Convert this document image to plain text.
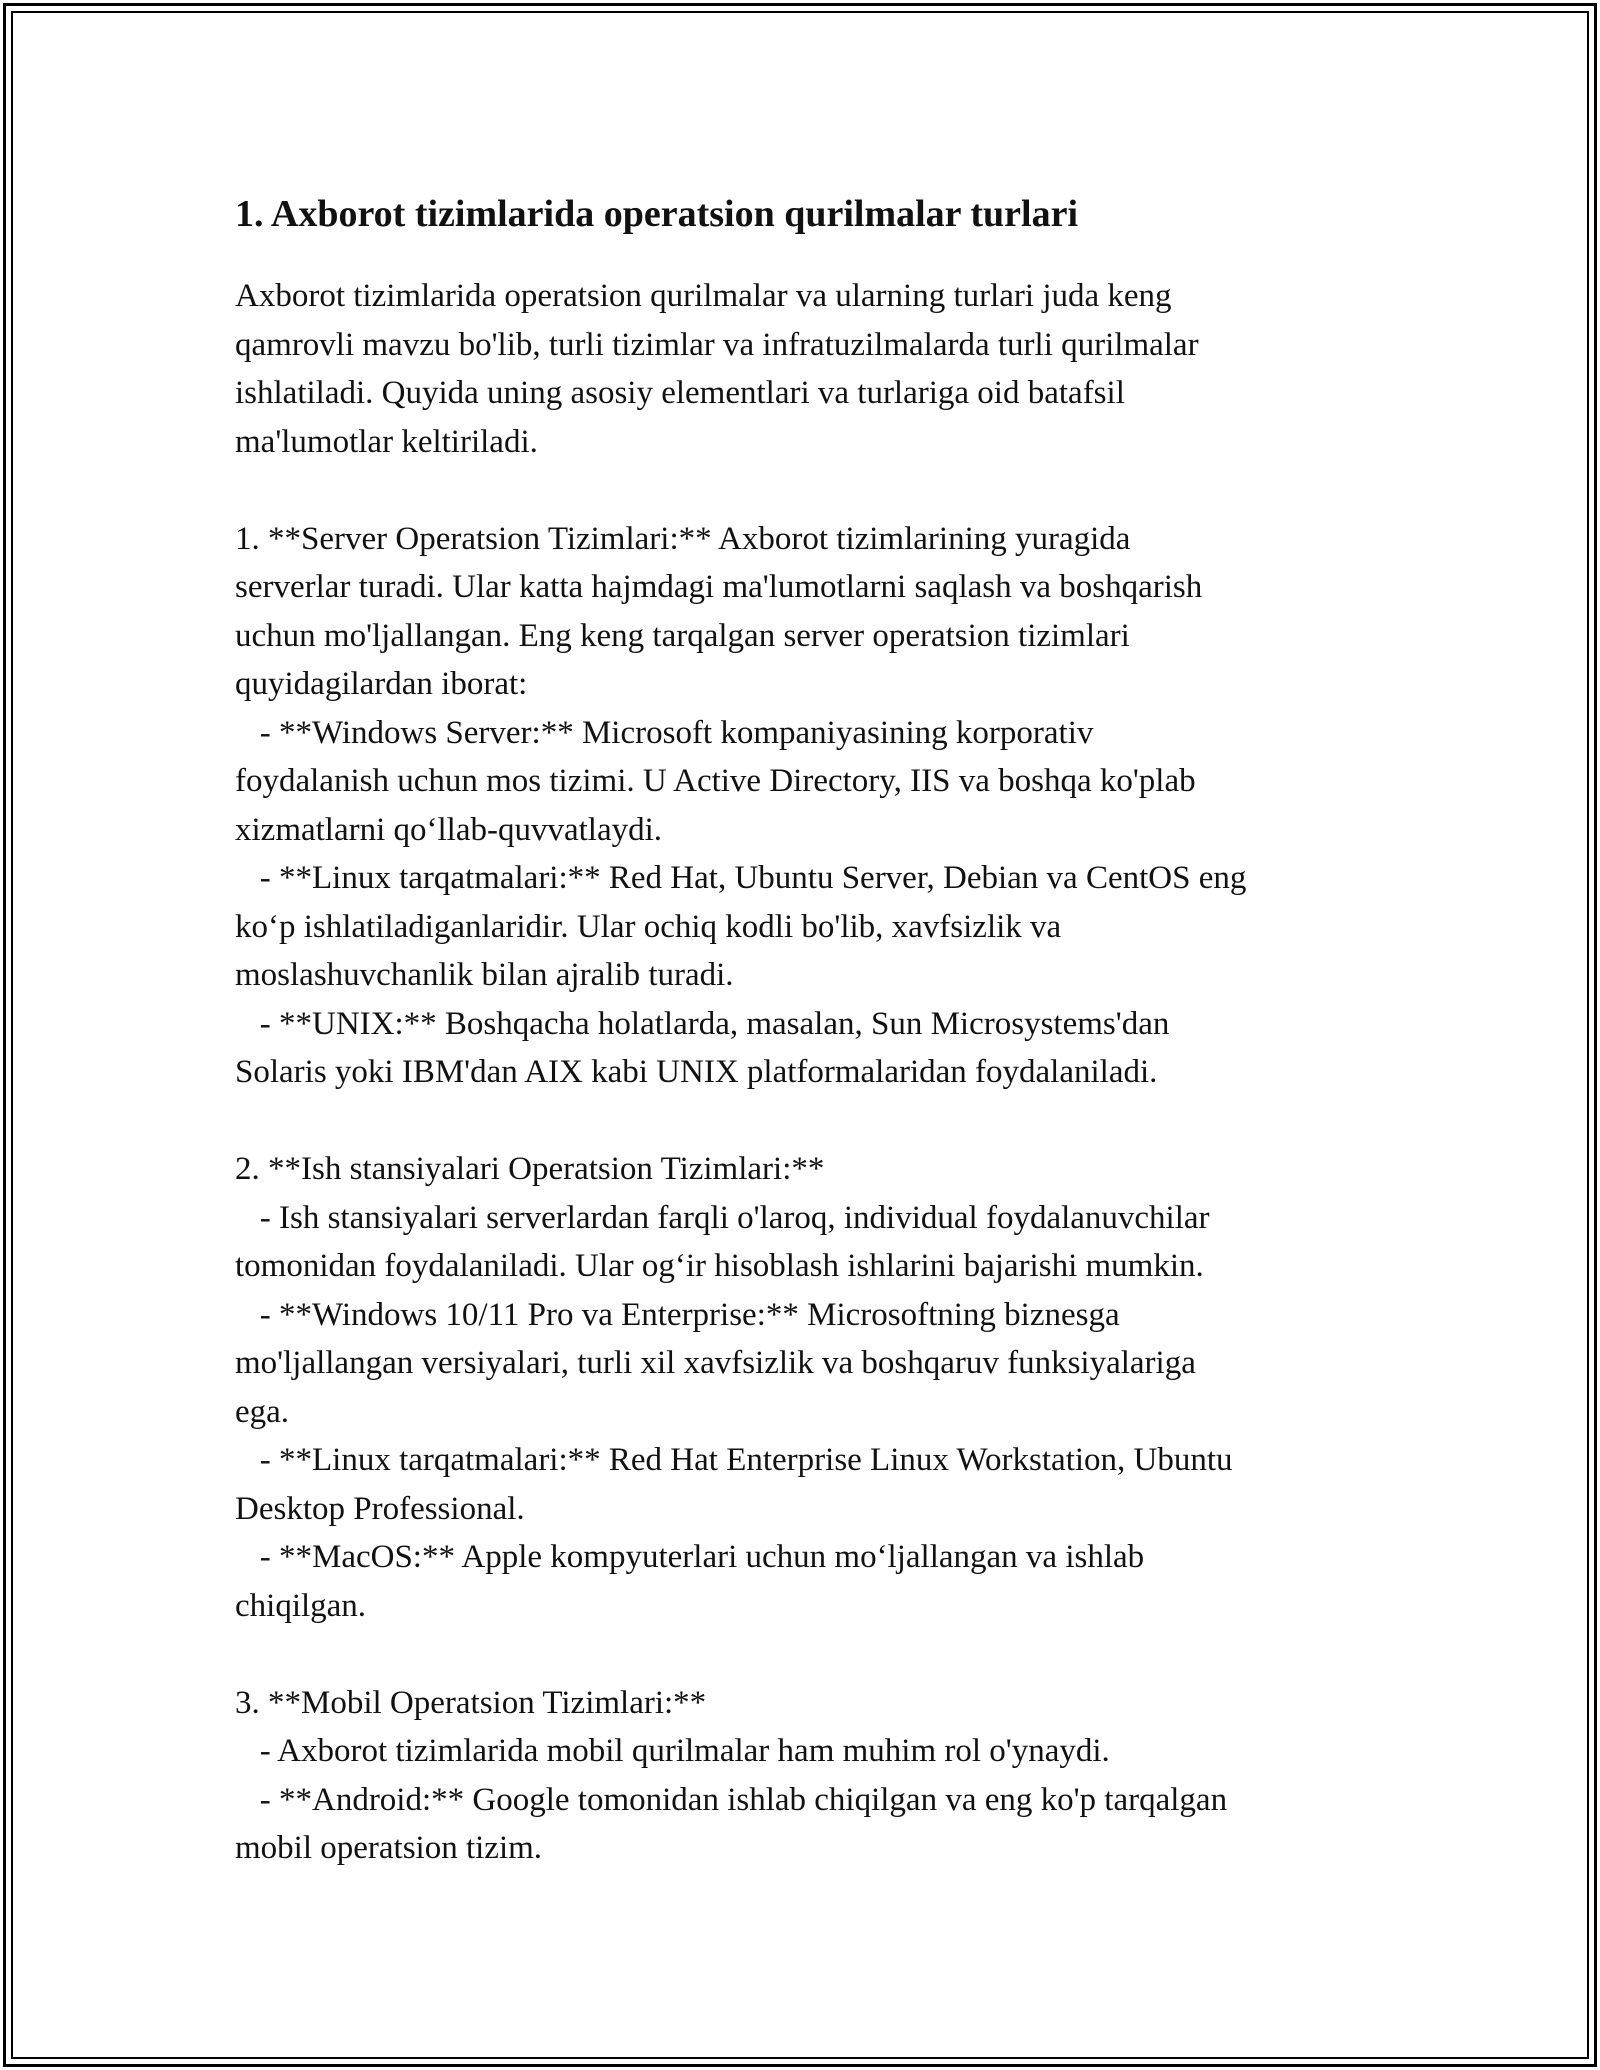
1. Axborot tizimlarida operatsion qurilmalar turlari
Axborot tizimlarida operatsion qurilmalar va ularning turlari juda keng
qamrovli mavzu bo'lib, turli tizimlar va infratuzilmalarda turli qurilmalar
ishlatiladi. Quyida uning asosiy elementlari va turlariga oid batafsil
ma'lumotlar keltiriladi.
1. **Server Operatsion Tizimlari:** Axborot tizimlarining yuragida
serverlar turadi. Ular katta hajmdagi ma'lumotlarni saqlash va boshqarish
uchun mo'ljallangan. Eng keng tarqalgan server operatsion tizimlari
quyidagilardan iborat:
- **Windows Server:** Microsoft kompaniyasining korporativ
foydalanish uchun mos tizimi. U Active Directory, IIS va boshqa ko'plab
xizmatlarni qo‘llab-quvvatlaydi.
- **Linux tarqatmalari:** Red Hat, Ubuntu Server, Debian va CentOS eng
ko‘p ishlatiladiganlaridir. Ular ochiq kodli bo'lib, xavfsizlik va
moslashuvchanlik bilan ajralib turadi.
- **UNIX:** Boshqacha holatlarda, masalan, Sun Microsystems'dan
Solaris yoki IBM'dan AIX kabi UNIX platformalaridan foydalaniladi.
2. **Ish stansiyalari Operatsion Tizimlari:**
- Ish stansiyalari serverlardan farqli o'laroq, individual foydalanuvchilar
tomonidan foydalaniladi. Ular og‘ir hisoblash ishlarini bajarishi mumkin.
- **Windows 10/11 Pro va Enterprise:** Microsoftning biznesga
mo'ljallangan versiyalari, turli xil xavfsizlik va boshqaruv funksiyalariga
ega.
- **Linux tarqatmalari:** Red Hat Enterprise Linux Workstation, Ubuntu
Desktop Professional.
- **MacOS:** Apple kompyuterlari uchun mo‘ljallangan va ishlab
chiqilgan.
3. **Mobil Operatsion Tizimlari:**
- Axborot tizimlarida mobil qurilmalar ham muhim rol o'ynaydi.
- **Android:** Google tomonidan ishlab chiqilgan va eng ko'p tarqalgan
mobil operatsion tizim.
